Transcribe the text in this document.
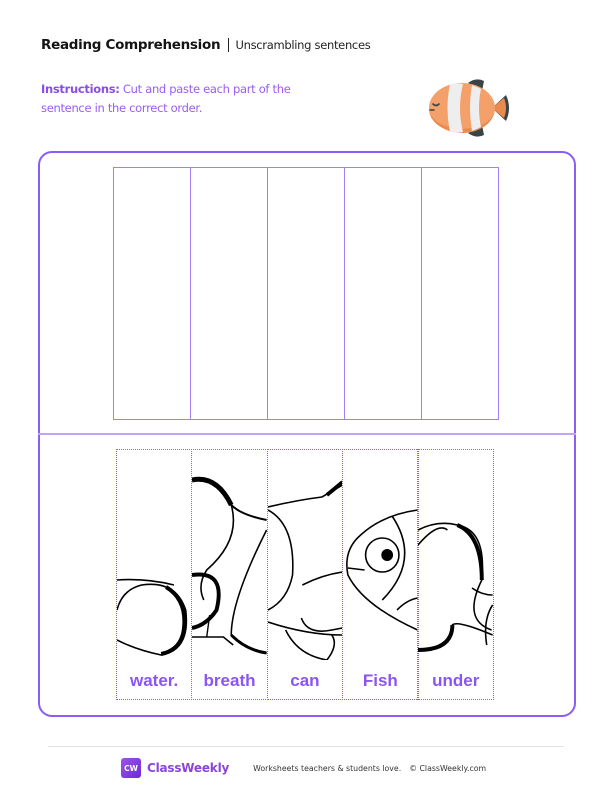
Reading Comprehension Unscrambling sentences
Instructions: Cut and paste each part of the sentence in the correct order.
water.	breath	can	Fish	under
CW ClassWeekly	Worksheets teachers & students love. © ClassWeekly.com
